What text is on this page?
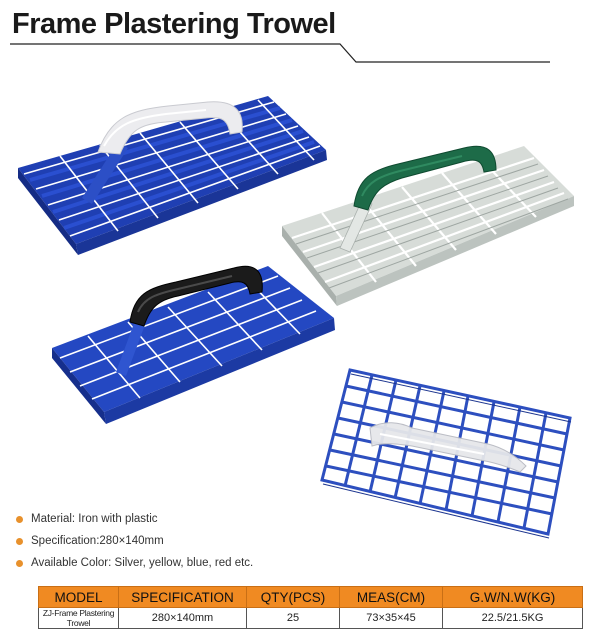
Frame Plastering Trowel
Material: Iron with plastic
Specification:280×140mm
Available Color: Silver, yellow, blue, red etc.
MODEL	SPECIFICATION	QTY(PCS)	MEAS(CM)	G.W/N.W(KG)
ZJ-Frame Plastering Trowel	280×140mm	25	73×35×45	22.5/21.5KG
